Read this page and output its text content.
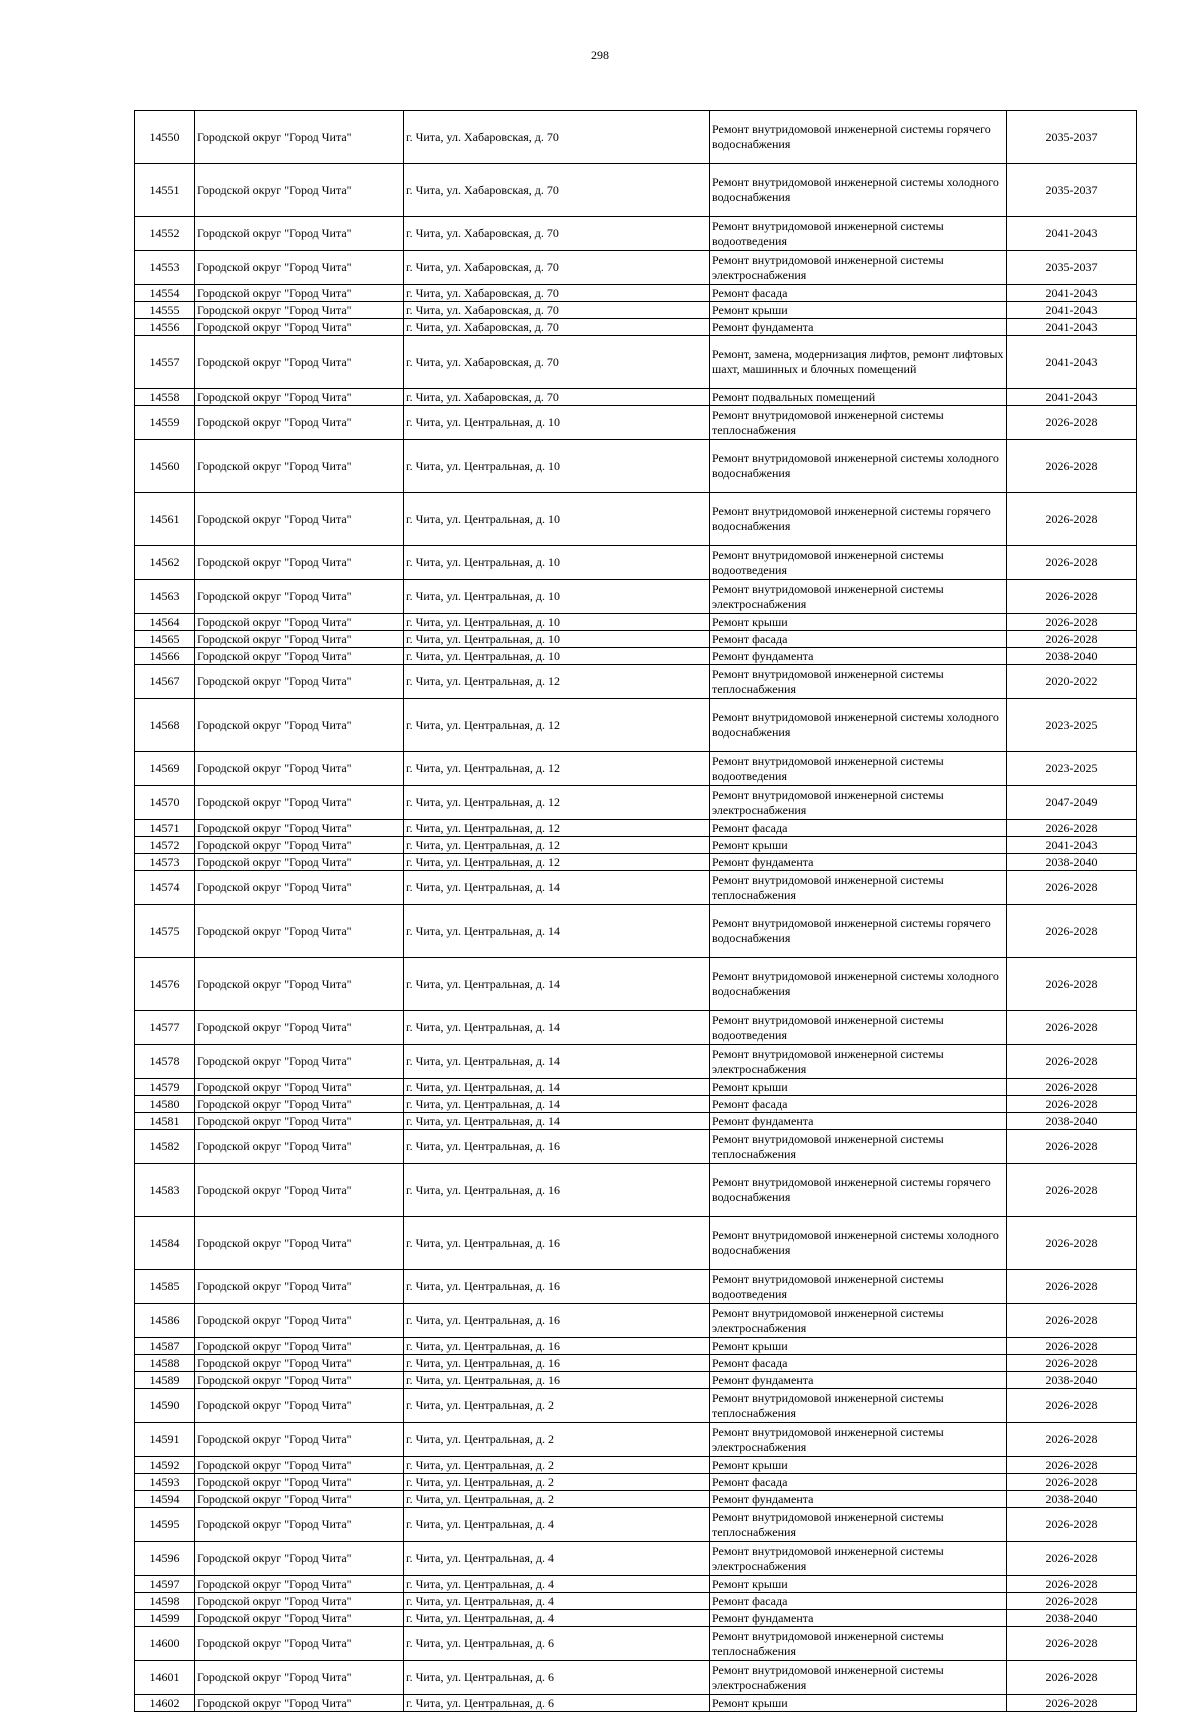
298
14550	Городской округ "Город Чита"	г. Чита, ул. Хабаровская, д. 70	Ремонт внутридомовой инженерной системы горячего водоснабжения	2035-2037
14551	Городской округ "Город Чита"	г. Чита, ул. Хабаровская, д. 70	Ремонт внутридомовой инженерной системы холодного водоснабжения	2035-2037
14552	Городской округ "Город Чита"	г. Чита, ул. Хабаровская, д. 70	Ремонт внутридомовой инженерной системы водоотведения	2041-2043
14553	Городской округ "Город Чита"	г. Чита, ул. Хабаровская, д. 70	Ремонт внутридомовой инженерной системы электроснабжения	2035-2037
14554	Городской округ "Город Чита"	г. Чита, ул. Хабаровская, д. 70	Ремонт фасада	2041-2043
14555	Городской округ "Город Чита"	г. Чита, ул. Хабаровская, д. 70	Ремонт крыши	2041-2043
14556	Городской округ "Город Чита"	г. Чита, ул. Хабаровская, д. 70	Ремонт фундамента	2041-2043
14557	Городской округ "Город Чита"	г. Чита, ул. Хабаровская, д. 70	Ремонт, замена, модернизация лифтов, ремонт лифтовых шахт, машинных и блочных помещений	2041-2043
14558	Городской округ "Город Чита"	г. Чита, ул. Хабаровская, д. 70	Ремонт подвальных помещений	2041-2043
14559	Городской округ "Город Чита"	г. Чита, ул. Центральная, д. 10	Ремонт внутридомовой инженерной системы теплоснабжения	2026-2028
14560	Городской округ "Город Чита"	г. Чита, ул. Центральная, д. 10	Ремонт внутридомовой инженерной системы холодного водоснабжения	2026-2028
14561	Городской округ "Город Чита"	г. Чита, ул. Центральная, д. 10	Ремонт внутридомовой инженерной системы горячего водоснабжения	2026-2028
14562	Городской округ "Город Чита"	г. Чита, ул. Центральная, д. 10	Ремонт внутридомовой инженерной системы водоотведения	2026-2028
14563	Городской округ "Город Чита"	г. Чита, ул. Центральная, д. 10	Ремонт внутридомовой инженерной системы электроснабжения	2026-2028
14564	Городской округ "Город Чита"	г. Чита, ул. Центральная, д. 10	Ремонт крыши	2026-2028
14565	Городской округ "Город Чита"	г. Чита, ул. Центральная, д. 10	Ремонт фасада	2026-2028
14566	Городской округ "Город Чита"	г. Чита, ул. Центральная, д. 10	Ремонт фундамента	2038-2040
14567	Городской округ "Город Чита"	г. Чита, ул. Центральная, д. 12	Ремонт внутридомовой инженерной системы теплоснабжения	2020-2022
14568	Городской округ "Город Чита"	г. Чита, ул. Центральная, д. 12	Ремонт внутридомовой инженерной системы холодного водоснабжения	2023-2025
14569	Городской округ "Город Чита"	г. Чита, ул. Центральная, д. 12	Ремонт внутридомовой инженерной системы водоотведения	2023-2025
14570	Городской округ "Город Чита"	г. Чита, ул. Центральная, д. 12	Ремонт внутридомовой инженерной системы электроснабжения	2047-2049
14571	Городской округ "Город Чита"	г. Чита, ул. Центральная, д. 12	Ремонт фасада	2026-2028
14572	Городской округ "Город Чита"	г. Чита, ул. Центральная, д. 12	Ремонт крыши	2041-2043
14573	Городской округ "Город Чита"	г. Чита, ул. Центральная, д. 12	Ремонт фундамента	2038-2040
14574	Городской округ "Город Чита"	г. Чита, ул. Центральная, д. 14	Ремонт внутридомовой инженерной системы теплоснабжения	2026-2028
14575	Городской округ "Город Чита"	г. Чита, ул. Центральная, д. 14	Ремонт внутридомовой инженерной системы горячего водоснабжения	2026-2028
14576	Городской округ "Город Чита"	г. Чита, ул. Центральная, д. 14	Ремонт внутридомовой инженерной системы холодного водоснабжения	2026-2028
14577	Городской округ "Город Чита"	г. Чита, ул. Центральная, д. 14	Ремонт внутридомовой инженерной системы водоотведения	2026-2028
14578	Городской округ "Город Чита"	г. Чита, ул. Центральная, д. 14	Ремонт внутридомовой инженерной системы электроснабжения	2026-2028
14579	Городской округ "Город Чита"	г. Чита, ул. Центральная, д. 14	Ремонт крыши	2026-2028
14580	Городской округ "Город Чита"	г. Чита, ул. Центральная, д. 14	Ремонт фасада	2026-2028
14581	Городской округ "Город Чита"	г. Чита, ул. Центральная, д. 14	Ремонт фундамента	2038-2040
14582	Городской округ "Город Чита"	г. Чита, ул. Центральная, д. 16	Ремонт внутридомовой инженерной системы теплоснабжения	2026-2028
14583	Городской округ "Город Чита"	г. Чита, ул. Центральная, д. 16	Ремонт внутридомовой инженерной системы горячего водоснабжения	2026-2028
14584	Городской округ "Город Чита"	г. Чита, ул. Центральная, д. 16	Ремонт внутридомовой инженерной системы холодного водоснабжения	2026-2028
14585	Городской округ "Город Чита"	г. Чита, ул. Центральная, д. 16	Ремонт внутридомовой инженерной системы водоотведения	2026-2028
14586	Городской округ "Город Чита"	г. Чита, ул. Центральная, д. 16	Ремонт внутридомовой инженерной системы электроснабжения	2026-2028
14587	Городской округ "Город Чита"	г. Чита, ул. Центральная, д. 16	Ремонт крыши	2026-2028
14588	Городской округ "Город Чита"	г. Чита, ул. Центральная, д. 16	Ремонт фасада	2026-2028
14589	Городской округ "Город Чита"	г. Чита, ул. Центральная, д. 16	Ремонт фундамента	2038-2040
14590	Городской округ "Город Чита"	г. Чита, ул. Центральная, д. 2	Ремонт внутридомовой инженерной системы теплоснабжения	2026-2028
14591	Городской округ "Город Чита"	г. Чита, ул. Центральная, д. 2	Ремонт внутридомовой инженерной системы электроснабжения	2026-2028
14592	Городской округ "Город Чита"	г. Чита, ул. Центральная, д. 2	Ремонт крыши	2026-2028
14593	Городской округ "Город Чита"	г. Чита, ул. Центральная, д. 2	Ремонт фасада	2026-2028
14594	Городской округ "Город Чита"	г. Чита, ул. Центральная, д. 2	Ремонт фундамента	2038-2040
14595	Городской округ "Город Чита"	г. Чита, ул. Центральная, д. 4	Ремонт внутридомовой инженерной системы теплоснабжения	2026-2028
14596	Городской округ "Город Чита"	г. Чита, ул. Центральная, д. 4	Ремонт внутридомовой инженерной системы электроснабжения	2026-2028
14597	Городской округ "Город Чита"	г. Чита, ул. Центральная, д. 4	Ремонт крыши	2026-2028
14598	Городской округ "Город Чита"	г. Чита, ул. Центральная, д. 4	Ремонт фасада	2026-2028
14599	Городской округ "Город Чита"	г. Чита, ул. Центральная, д. 4	Ремонт фундамента	2038-2040
14600	Городской округ "Город Чита"	г. Чита, ул. Центральная, д. 6	Ремонт внутридомовой инженерной системы теплоснабжения	2026-2028
14601	Городской округ "Город Чита"	г. Чита, ул. Центральная, д. 6	Ремонт внутридомовой инженерной системы электроснабжения	2026-2028
14602	Городской округ "Город Чита"	г. Чита, ул. Центральная, д. 6	Ремонт крыши	2026-2028
